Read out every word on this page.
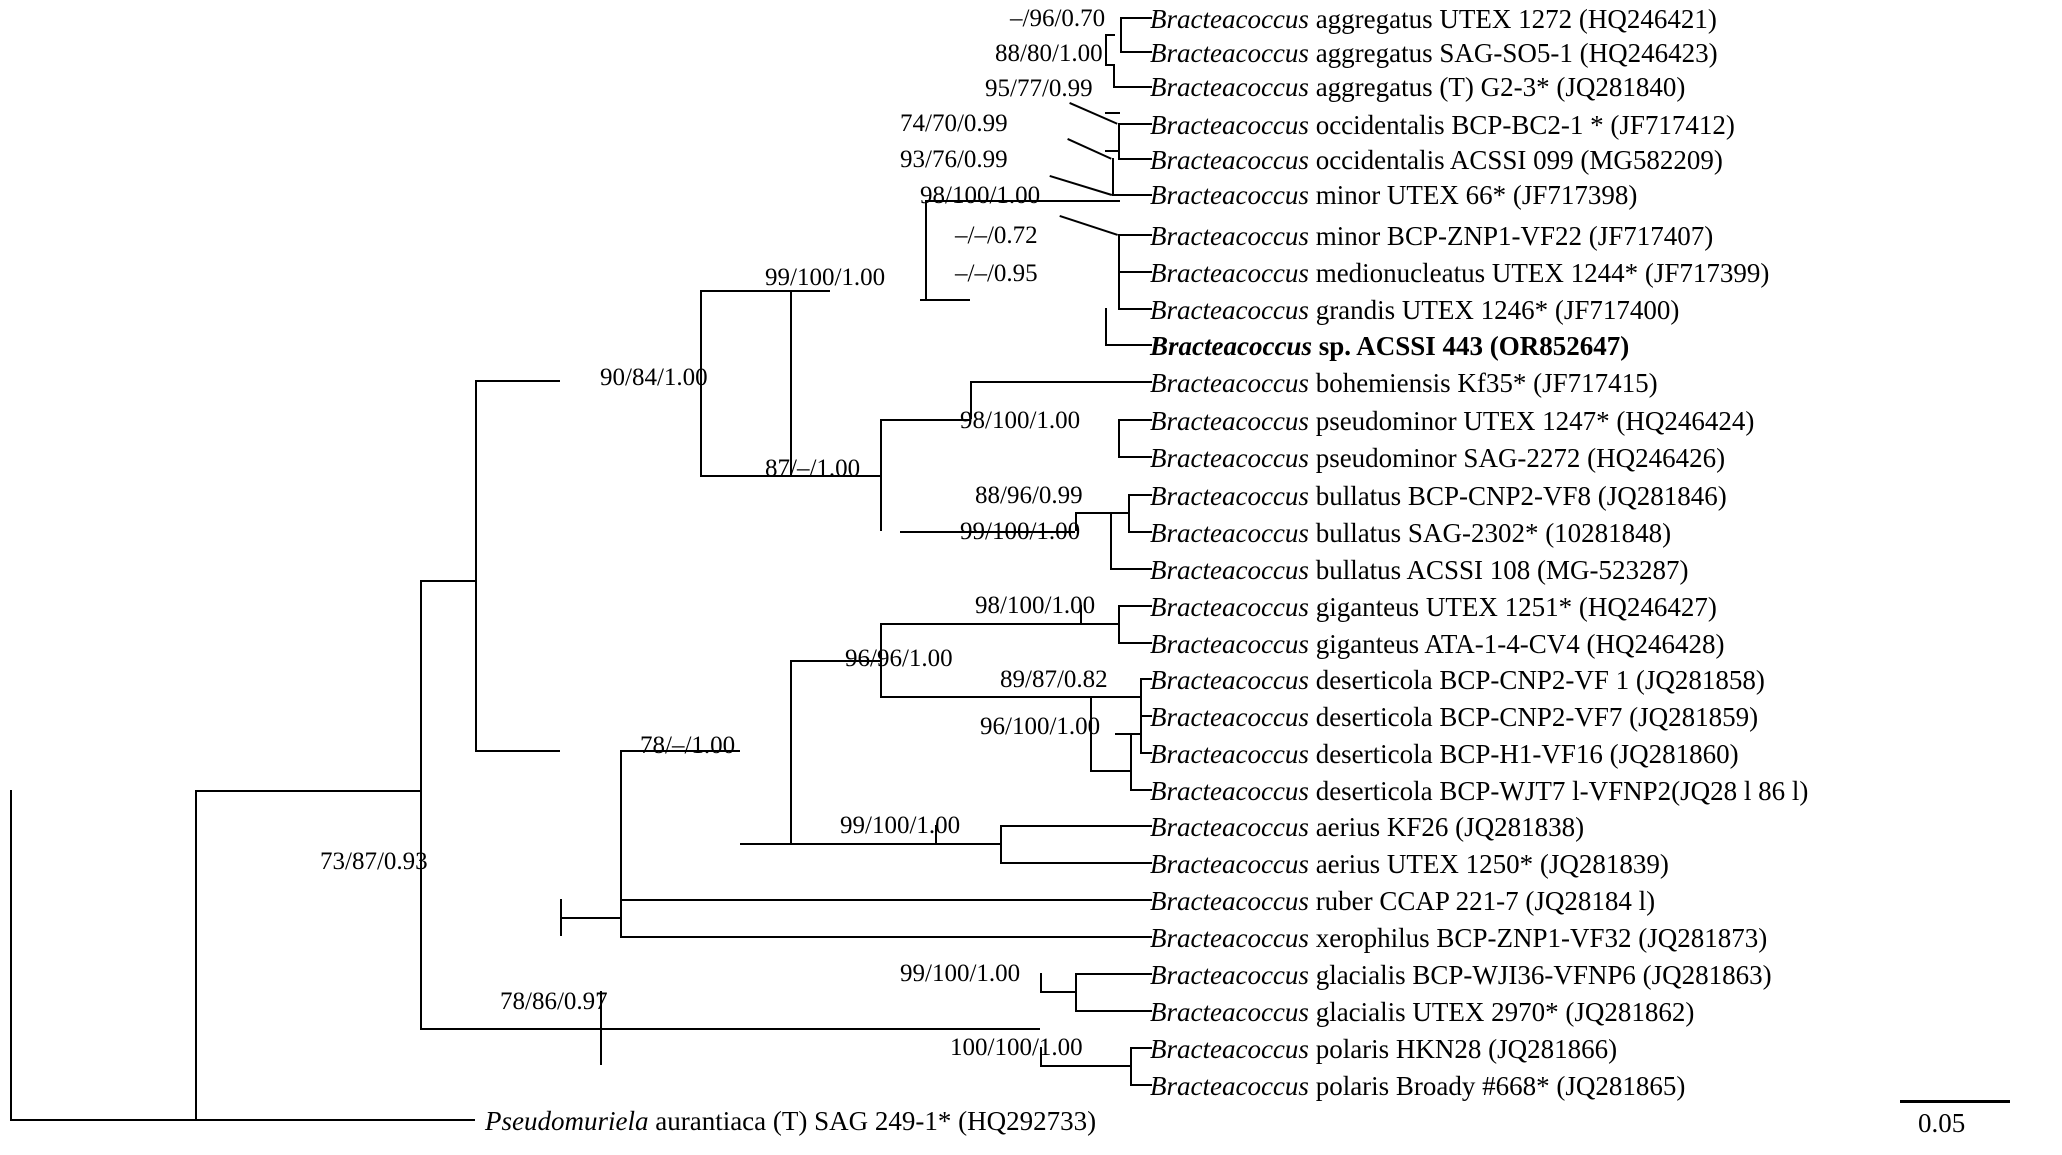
Bracteacoccus aggregatus UTEX 1272 (HQ246421)
Bracteacoccus aggregatus SAG-SO5-1 (HQ246423)
Bracteacoccus aggregatus (T) G2-3* (JQ281840)
Bracteacoccus occidentalis BCP-BC2-1 * (JF717412)
Bracteacoccus occidentalis ACSSI 099 (MG582209)
Bracteacoccus minor UTEX 66* (JF717398)
Bracteacoccus minor BCP-ZNP1-VF22 (JF717407)
Bracteacoccus medionucleatus UTEX 1244* (JF717399)
Bracteacoccus grandis UTEX 1246* (JF717400)
Bracteacoccus sp. ACSSI 443 (OR852647)
Bracteacoccus bohemiensis Kf35* (JF717415)
Bracteacoccus pseudominor UTEX 1247* (HQ246424)
Bracteacoccus pseudominor SAG-2272 (HQ246426)
Bracteacoccus bullatus BCP-CNP2-VF8 (JQ281846)
Bracteacoccus bullatus SAG-2302* (10281848)
Bracteacoccus bullatus ACSSI 108 (MG-523287)
Bracteacoccus giganteus UTEX 1251* (HQ246427)
Bracteacoccus giganteus ATA-1-4-CV4 (HQ246428)
Bracteacoccus deserticola BCP-CNP2-VF 1 (JQ281858)
Bracteacoccus deserticola BCP-CNP2-VF7 (JQ281859)
Bracteacoccus deserticola BCP-H1-VF16 (JQ281860)
Bracteacoccus deserticola BCP-WJT7 l-VFNP2(JQ28 l 86 l)
Bracteacoccus aerius KF26 (JQ281838)
Bracteacoccus aerius UTEX 1250* (JQ281839)
Bracteacoccus ruber CCAP 221-7 (JQ28184 l)
Bracteacoccus xerophilus BCP-ZNP1-VF32 (JQ281873)
Bracteacoccus glacialis BCP-WJI36-VFNP6 (JQ281863)
Bracteacoccus glacialis UTEX 2970* (JQ281862)
Bracteacoccus polaris HKN28 (JQ281866)
Bracteacoccus polaris Broady #668* (JQ281865)
Pseudomuriela aurantiaca (T) SAG 249-1* (HQ292733)
–/96/0.70
88/80/1.00
95/77/0.99
74/70/0.99
93/76/0.99
98/100/1.00
–/–/0.72
–/–/0.95
99/100/1.00
90/84/1.00
98/100/1.00
87/–/1.00
88/96/0.99
99/100/1.00
98/100/1.00
96/96/1.00
89/87/0.82
96/100/1.00
78/–/1.00
99/100/1.00
73/87/0.93
99/100/1.00
78/86/0.97
100/100/1.00
0.05
